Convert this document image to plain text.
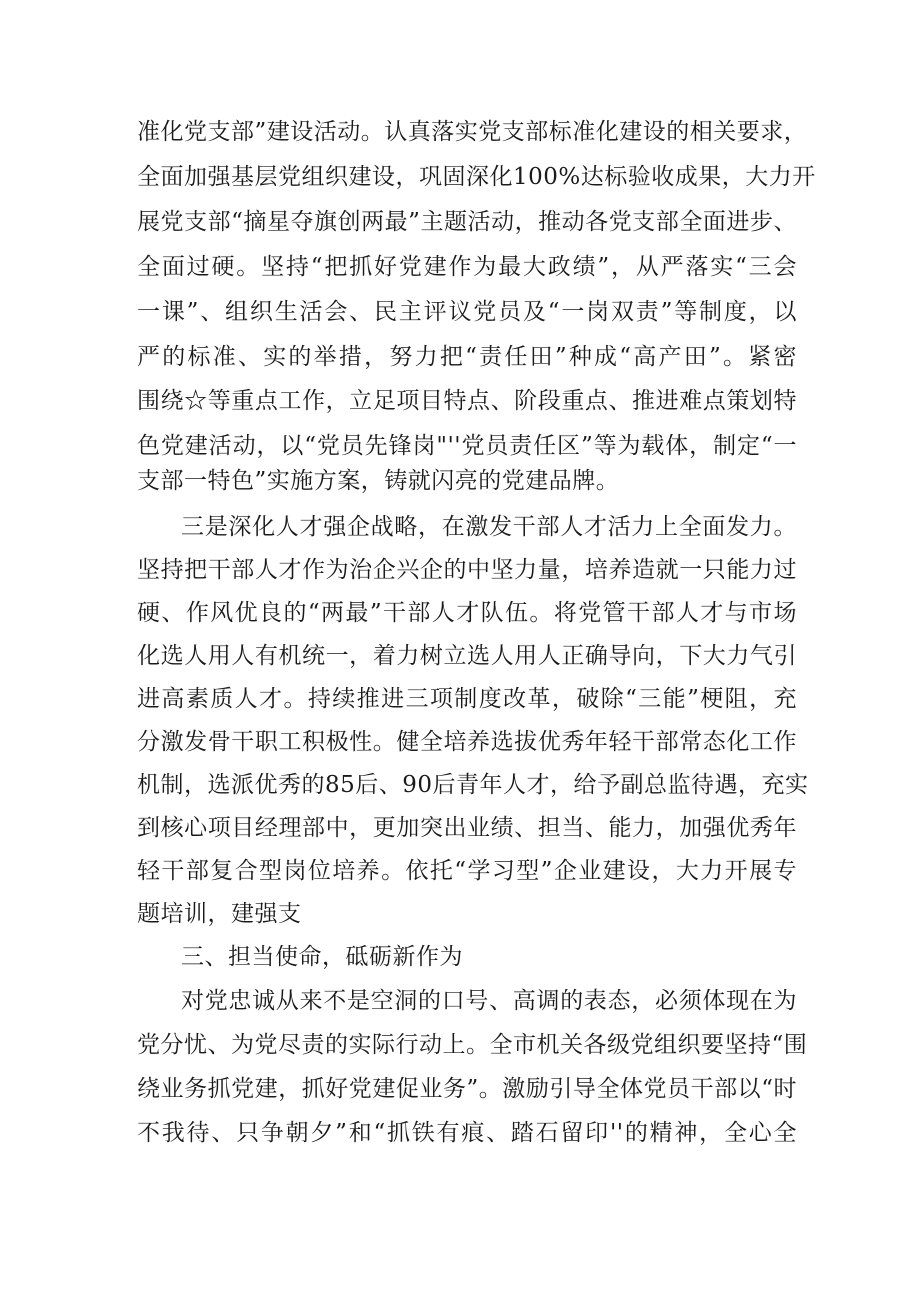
准化党支部”建设活动。认真落实党支部标准化建设的相关要求，
全面加强基层党组织建设，巩固深化100%达标验收成果，大力开
展党支部“摘星夺旗创两最”主题活动，推动各党支部全面进步、
全面过硬。坚持“把抓好党建作为最大政绩”，从严落实“三会
一课”、组织生活会、民主评议党员及“一岗双责”等制度，以
严的标准、实的举措，努力把“责任田”种成“高产田”。紧密
围绕☆等重点工作，立足项目特点、阶段重点、推进难点策划特
色党建活动，以“党员先锋岗"''党员责任区”等为载体，制定“一
支部一特色”实施方案，铸就闪亮的党建品牌。
三是深化人才强企战略，在激发干部人才活力上全面发力。
坚持把干部人才作为治企兴企的中坚力量，培养造就一只能力过
硬、作风优良的“两最”干部人才队伍。将党管干部人才与市场
化选人用人有机统一，着力树立选人用人正确导向，下大力气引
进高素质人才。持续推进三项制度改革，破除“三能”梗阻，充
分激发骨干职工积极性。健全培养选拔优秀年轻干部常态化工作
机制，选派优秀的85后、90后青年人才，给予副总监待遇，充实
到核心项目经理部中，更加突出业绩、担当、能力，加强优秀年
轻干部复合型岗位培养。依托“学习型”企业建设，大力开展专
题培训，建强支
三、担当使命，砥砺新作为
对党忠诚从来不是空洞的口号、高调的表态，必须体现在为
党分忧、为党尽责的实际行动上。全市机关各级党组织要坚持“围
绕业务抓党建，抓好党建促业务”。激励引导全体党员干部以“时
不我待、只争朝夕”和“抓铁有痕、踏石留印''的精神，全心全
